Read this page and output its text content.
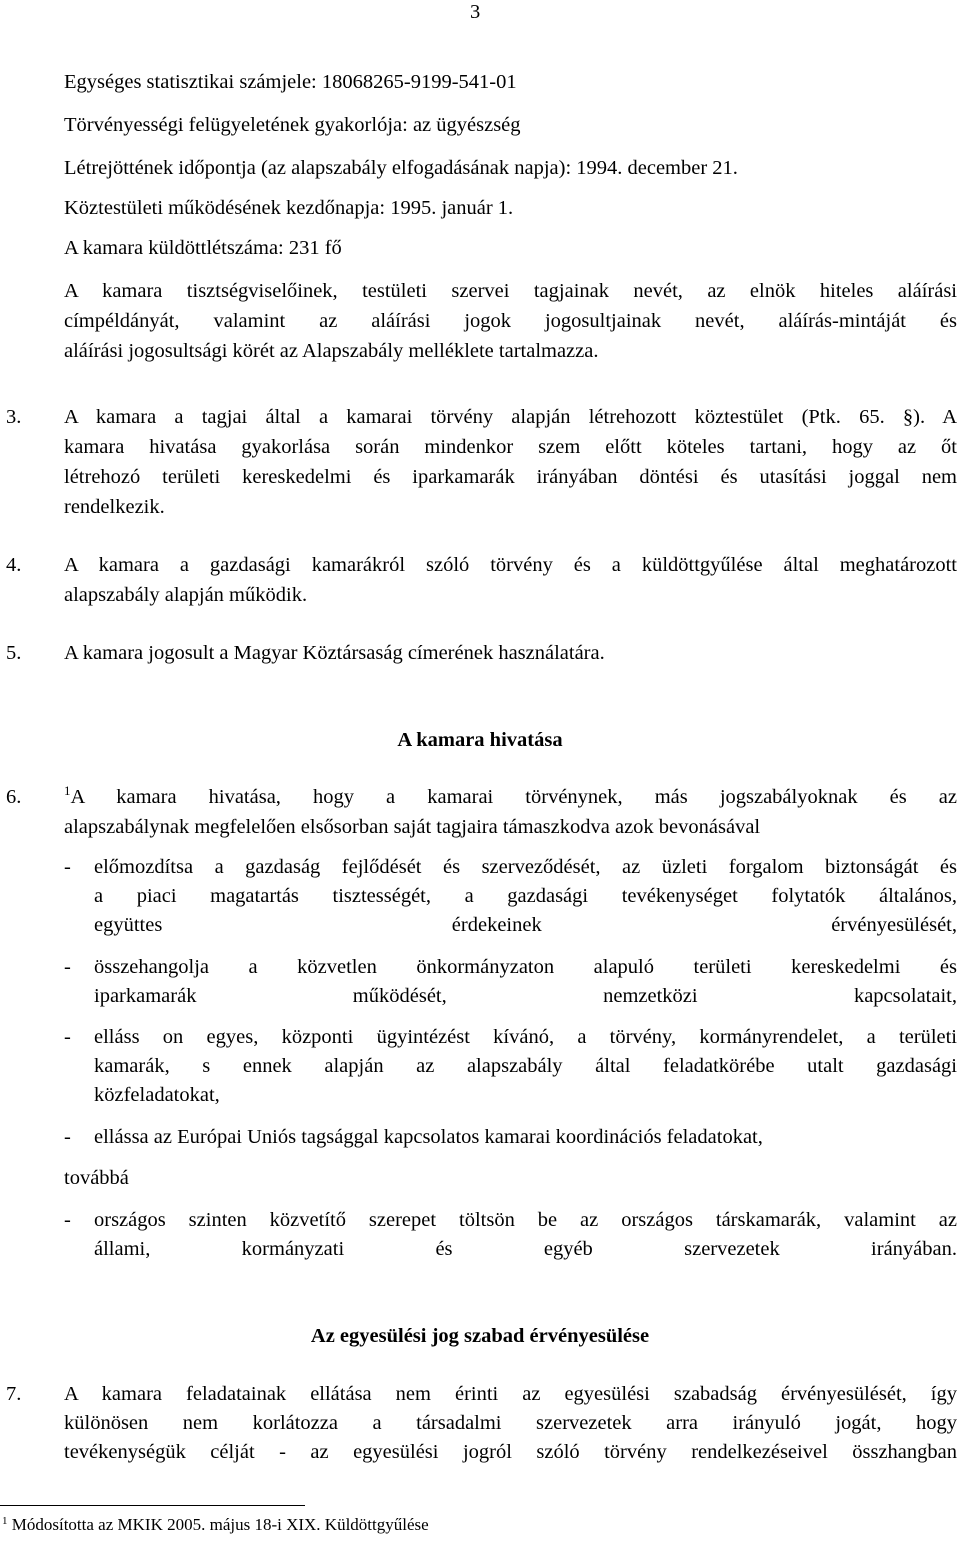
3
Egységes statisztikai számjele: 18068265-9199-541-01
Törvényességi felügyeletének gyakorlója: az ügyészség
Létrejöttének időpontja (az alapszabály elfogadásának napja): 1994. december 21.
Köztestületi működésének kezdőnapja: 1995. január 1.
A kamara küldöttlétszáma: 231 fő
A kamara tisztségviselőinek, testületi szervei tagjainak nevét, az elnök hiteles aláírási
címpéldányát, valamint az aláírási jogok jogosultjainak nevét, aláírás-mintáját és
aláírási jogosultsági körét az Alapszabály melléklete tartalmazza.
3. A kamara a tagjai által a kamarai törvény alapján létrehozott köztestület (Ptk. 65. §). A
kamara hivatása gyakorlása során mindenkor szem előtt köteles tartani, hogy az őt
létrehozó területi kereskedelmi és iparkamarák irányában döntési és utasítási joggal nem
rendelkezik.
4. A kamara a gazdasági kamarákról szóló törvény és a küldöttgyűlése által meghatározott
alapszabály alapján működik.
5. A kamara jogosult a Magyar Köztársaság címerének használatára.
A kamara hivatása
6.	$^1$A kamara hivatása, hogy a kamarai törvénynek, más jogszabályoknak és az
alapszabálynak megfelelően elsősorban saját tagjaira támaszkodva azok bevonásával
- előmozdítsa a gazdaság fejlődését és szerveződését, az üzleti forgalom biztonságát és
a piaci magatartás tisztességét, a gazdasági tevékenységet folytatók általános,
együttes érdekeinek érvényesülését,
- összehangolja a közvetlen önkormányzaton alapuló területi kereskedelmi és
iparkamarák működését, nemzetközi kapcsolatait,
- elláss on egyes, központi ügyintézést kívánó, a törvény, kormányrendelet, a területi
kamarák, s ennek alapján az alapszabály által feladatkörébe utalt gazdasági
közfeladatokat,
- ellássa az Európai Uniós tagsággal kapcsolatos kamarai koordinációs feladatokat,
továbbá
- országos szinten közvetítő szerepet töltsön be az országos társkamarák, valamint az
állami, kormányzati és egyéb szervezetek irányában.
Az egyesülési jog szabad érvényesülése
7. A kamara feladatainak ellátása nem érinti az egyesülési szabadság érvényesülését, így
különösen nem korlátozza a társadalmi szervezetek arra irányuló jogát, hogy
tevékenységük célját - az egyesülési jogról szóló törvény rendelkezéseivel összhangban
$^1$ Módosította az MKIK 2005. május 18-i XIX. Küldöttgyűlése
